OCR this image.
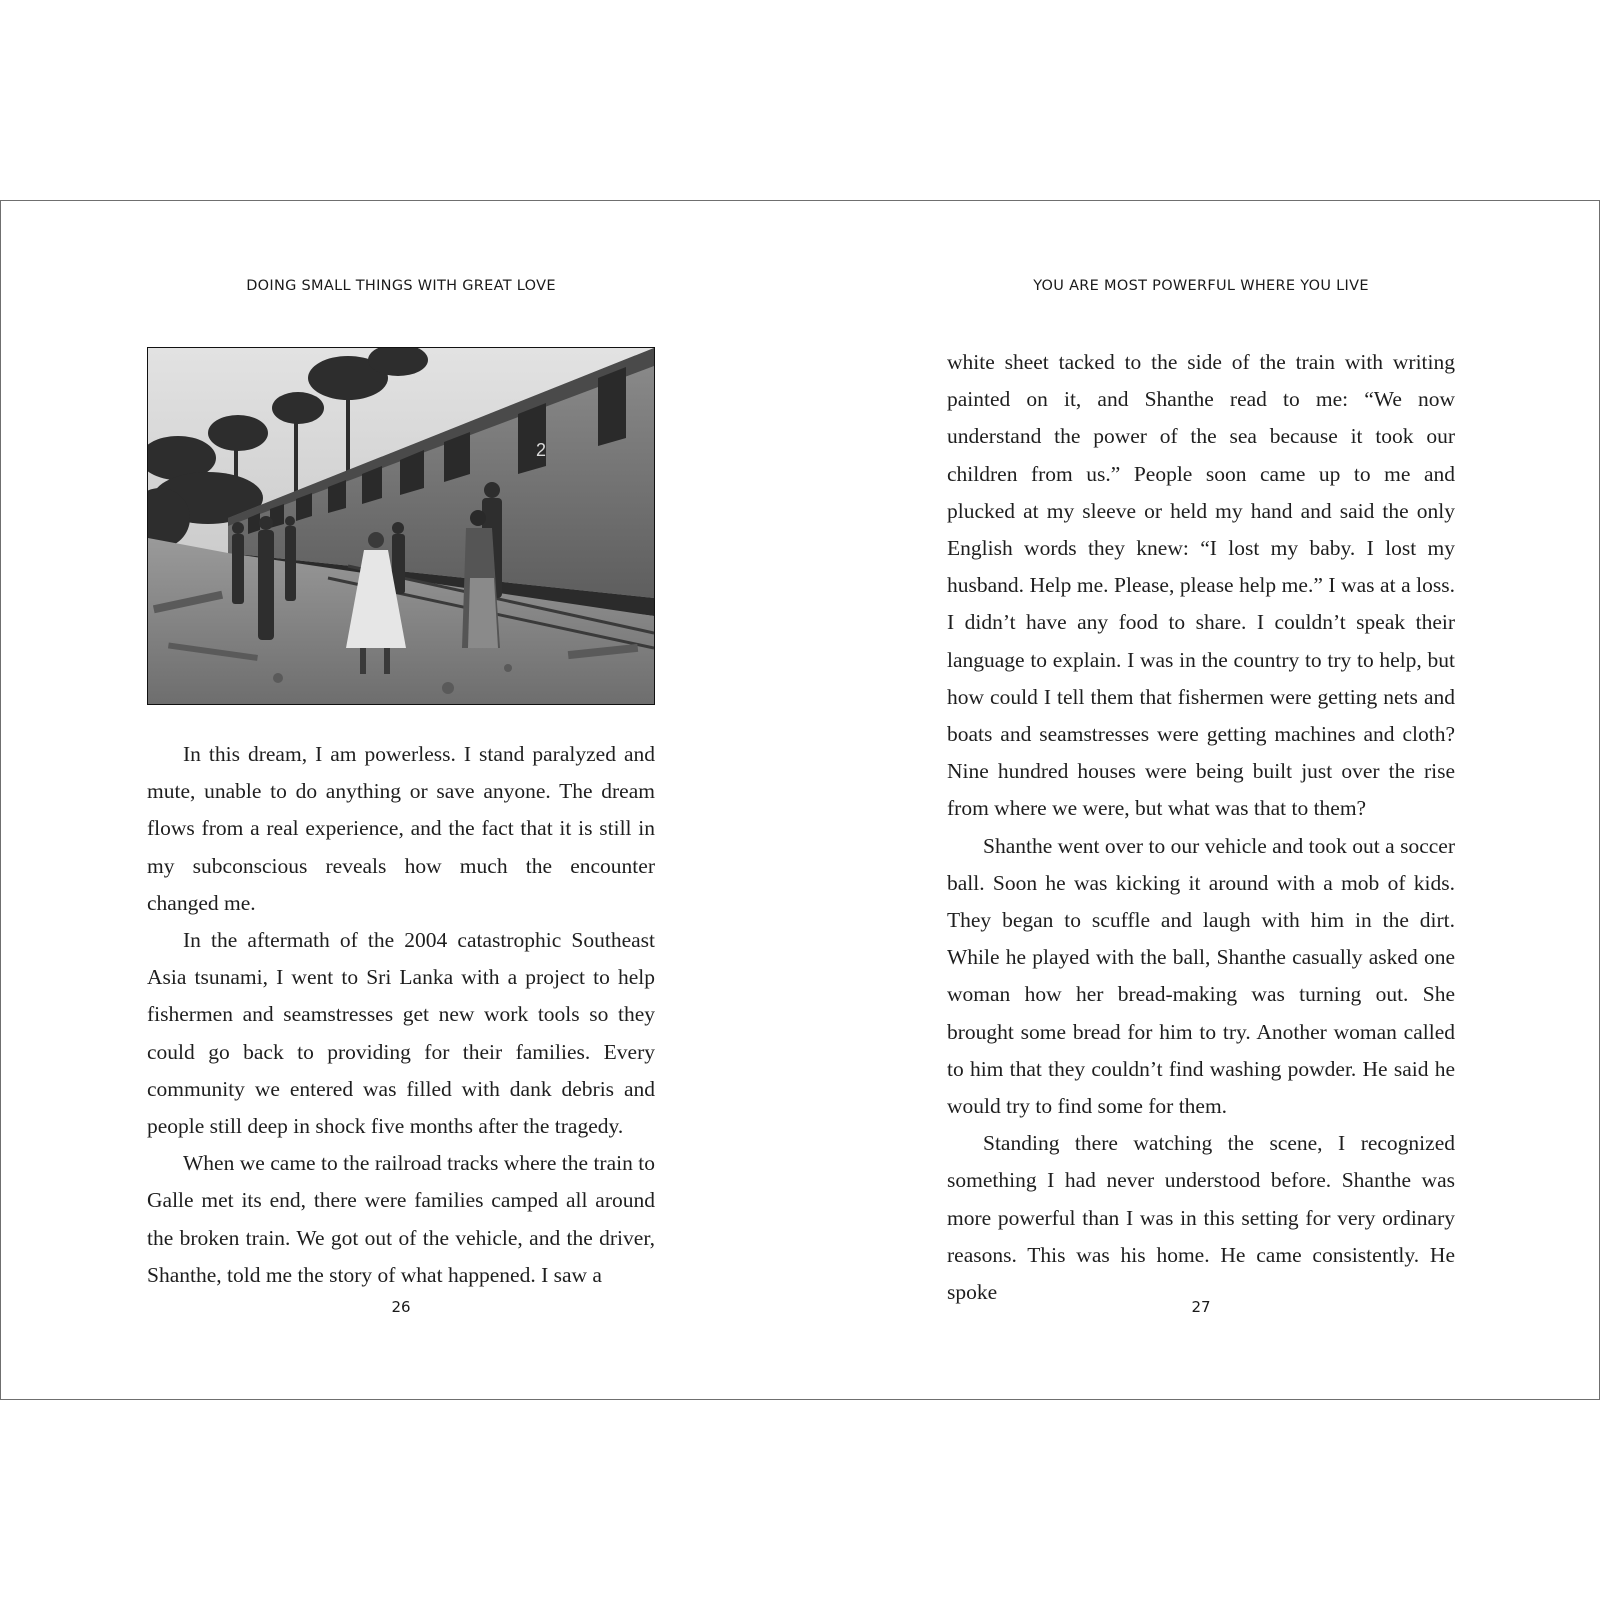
DOING SMALL THINGS WITH GREAT LOVE
2

In this dream, I am powerless. I stand paralyzed and mute, unable to do anything or save anyone. The dream flows from a real experience, and the fact that it is still in my subconscious reveals how much the encounter changed me.

In the aftermath of the 2004 catastrophic Southeast Asia tsunami, I went to Sri Lanka with a project to help fishermen and seamstresses get new work tools so they could go back to providing for their families. Every community we entered was filled with dank debris and people still deep in shock five months after the tragedy.

When we came to the railroad tracks where the train to Galle met its end, there were families camped all around the broken train. We got out of the vehicle, and the driver, Shanthe, told me the story of what happened. I saw a

26
YOU ARE MOST POWERFUL WHERE YOU LIVE

white sheet tacked to the side of the train with writing painted on it, and Shanthe read to me: “We now understand the power of the sea because it took our children from us.” People soon came up to me and plucked at my sleeve or held my hand and said the only English words they knew: “I lost my baby. I lost my husband. Help me. Please, please help me.” I was at a loss. I didn’t have any food to share. I couldn’t speak their language to explain. I was in the country to try to help, but how could I tell them that fishermen were getting nets and boats and seamstresses were getting machines and cloth? Nine hundred houses were being built just over the rise from where we were, but what was that to them?

Shanthe went over to our vehicle and took out a soccer ball. Soon he was kicking it around with a mob of kids. They began to scuffle and laugh with him in the dirt. While he played with the ball, Shanthe casually asked one woman how her bread-making was turning out. She brought some bread for him to try. Another woman called to him that they couldn’t find washing powder. He said he would try to find some for them.

Standing there watching the scene, I recognized something I had never understood before. Shanthe was more powerful than I was in this setting for very ordinary reasons. This was his home. He came consistently. He spoke

27
